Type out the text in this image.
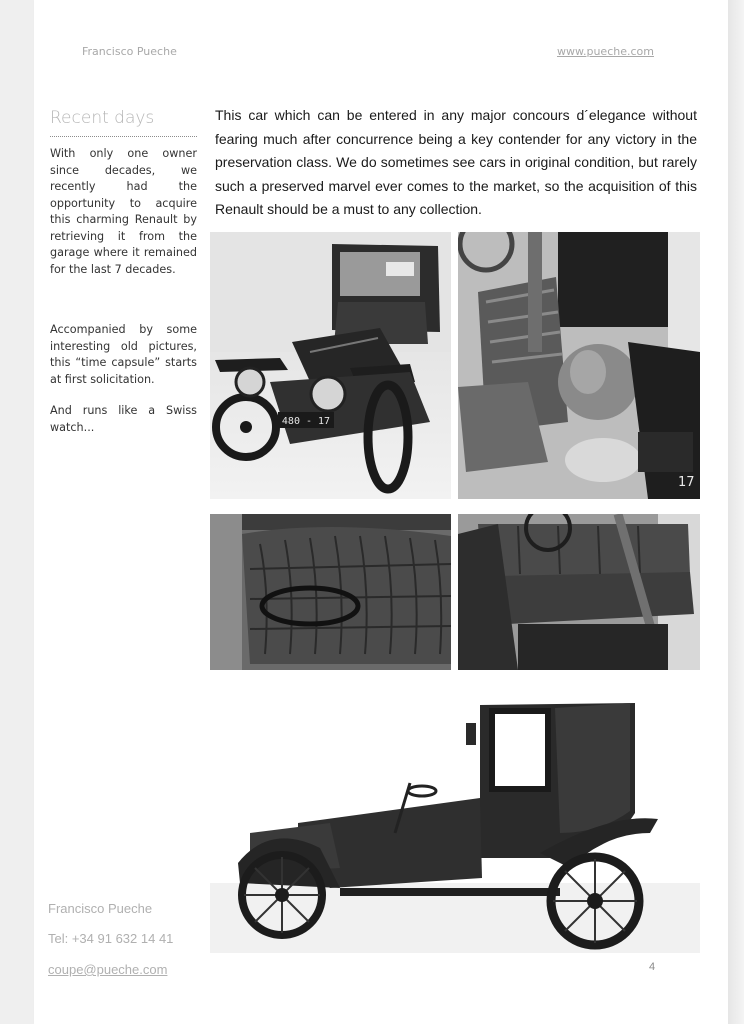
Francisco Pueche	www.pueche.com
Recent days
With only one owner since decades, we recently had the opportunity to acquire this charming Renault by retrieving it from the garage where it remained for the last 7 decades.
Accompanied by some interesting old pictures, this “time capsule” starts at first solicitation.
And runs like a Swiss watch...
This car which can be entered in any major concours d´elegance without fearing much after concurrence being a key contender for any victory in the preservation class. We do sometimes see cars in original condition, but rarely such a preserved marvel ever comes to the market, so the acquisition of this Renault should be a must to any collection.
480 - 17
17
Francisco Pueche
Tel: +34 91 632 14 41
coupe@pueche.com	4
